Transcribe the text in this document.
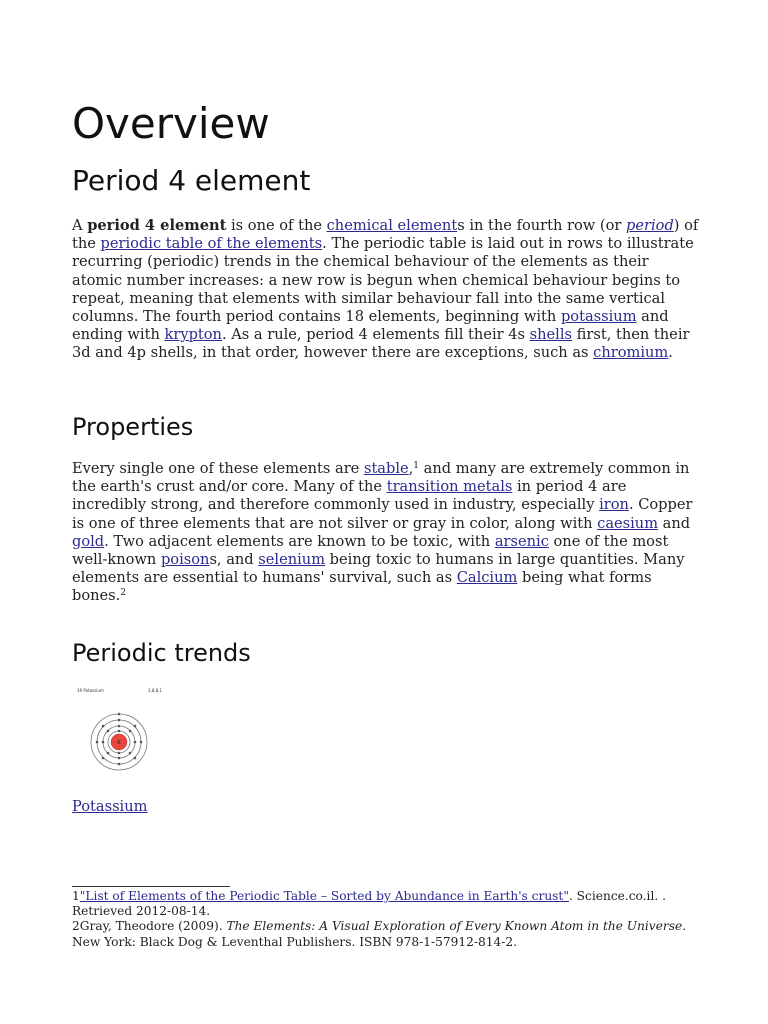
Overview
Period 4 element

A period 4 element is one of the chemical elements in the fourth row (or period) of the periodic table of the elements. The periodic table is laid out in rows to illustrate recurring (periodic) trends in the chemical behaviour of the elements as their atomic number increases: a new row is begun when chemical behaviour begins to repeat, meaning that elements with similar behaviour fall into the same vertical columns. The fourth period contains 18 elements, beginning with potassium and ending with krypton. As a rule, period 4 elements fill their 4s shells first, then their 3d and 4p shells, in that order, however there are exceptions, such as chromium.

Properties

Every single one of these elements are stable,$^1$ and many are extremely common in the earth's crust and/or core. Many of the transition metals in period 4 are incredibly strong, and therefore commonly used in industry, especially iron. Copper is one of three elements that are not silver or gray in color, along with caesium and gold. Two adjacent elements are known to be toxic, with arsenic one of the most well-known poisons, and selenium being toxic to humans in large quantities. Many elements are essential to humans' survival, such as Calcium being what forms bones.$^2$

Periodic trends
19 Potassium	2,8,8,1
K
Potassium
1"List of Elements of the Periodic Table – Sorted by Abundance in Earth's crust". Science.co.il. . Retrieved 2012-08-14.
2Gray, Theodore (2009). The Elements: A Visual Exploration of Every Known Atom in the Universe. New York: Black Dog & Leventhal Publishers. ISBN 978-1-57912-814-2.
